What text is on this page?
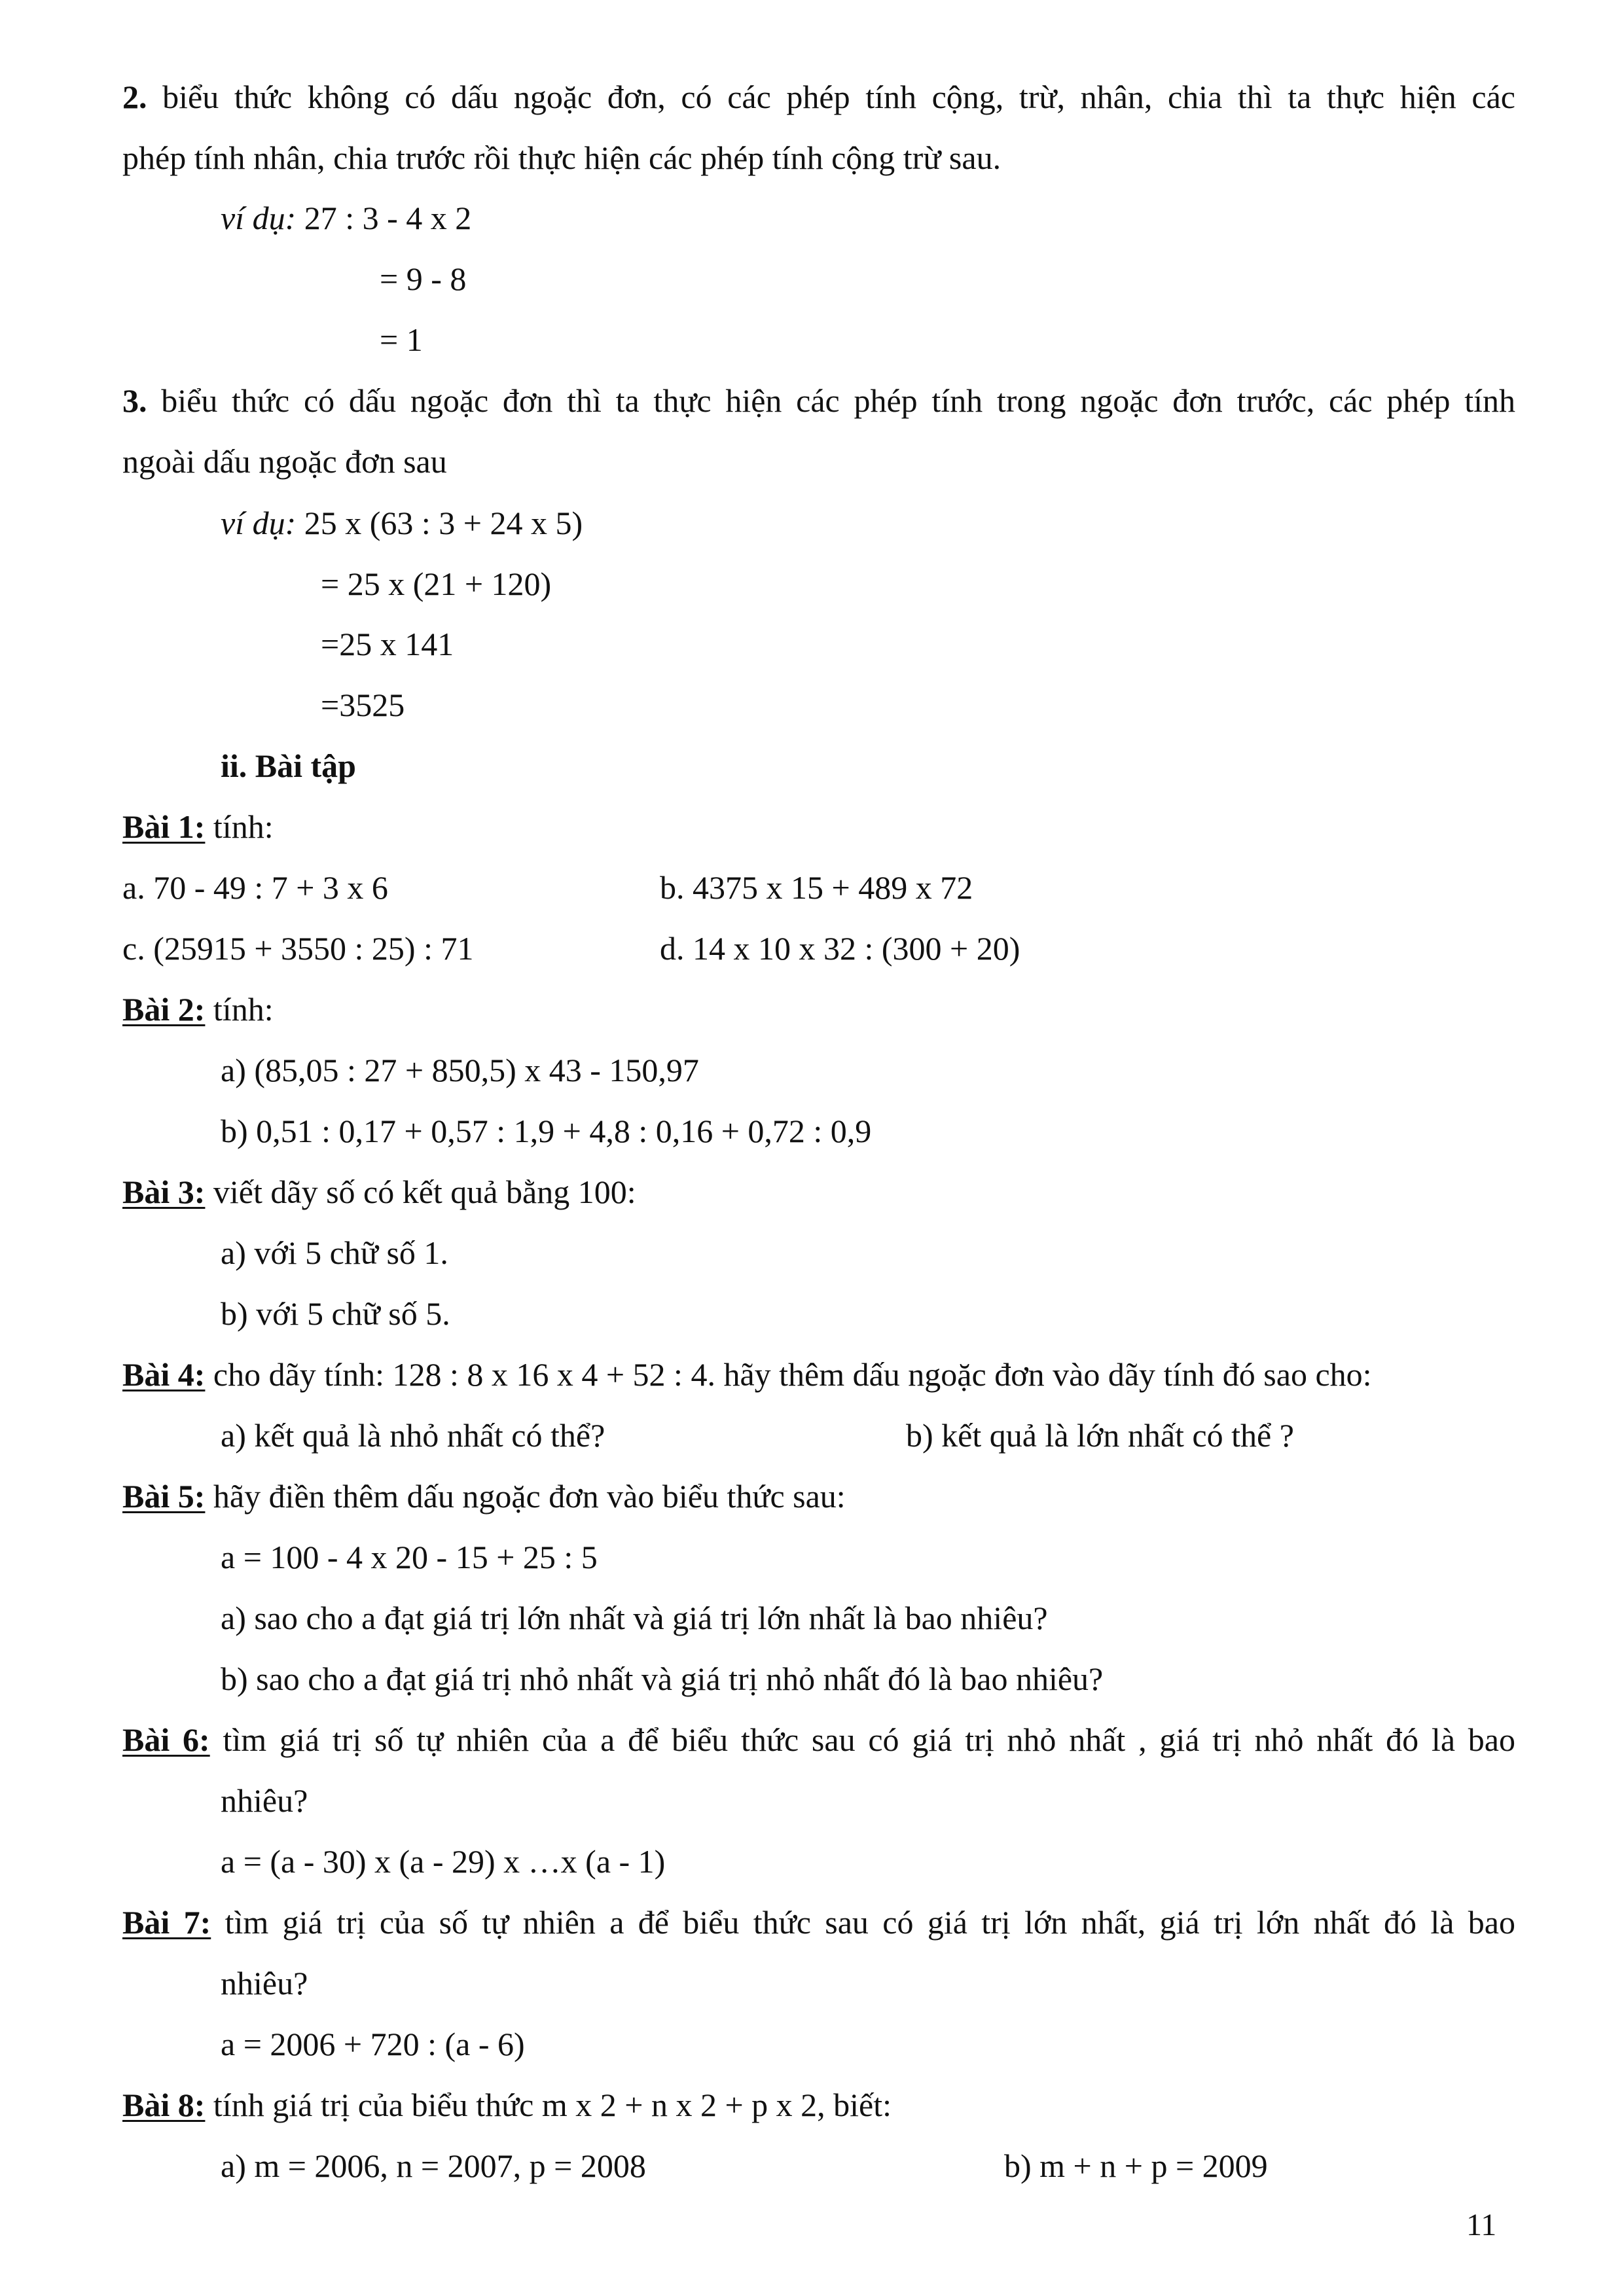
2. biểu thức không có dấu ngoặc đơn, có các phép tính cộng, trừ, nhân, chia thì ta thực hiện các
phép tính nhân, chia trước rồi thực hiện các phép tính cộng trừ sau.
ví dụ: 27 : 3 - 4 x 2
= 9 - 8
= 1
3. biểu thức có dấu ngoặc đơn thì ta thực hiện các phép tính trong ngoặc đơn trước, các phép tính
ngoài dấu ngoặc đơn sau
ví dụ: 25 x (63 : 3 + 24 x 5)
= 25 x (21 + 120)
=25 x 141
=3525
ii. Bài tập
Bài 1: tính:
a. 70 - 49 : 7 + 3 x 6	b. 4375 x 15 + 489 x 72
c. (25915 + 3550 : 25) : 71	d. 14 x 10 x 32 : (300 + 20)
Bài 2: tính:
a) (85,05 : 27 + 850,5) x 43 - 150,97
b) 0,51 : 0,17 + 0,57 : 1,9 + 4,8 : 0,16 + 0,72 : 0,9
Bài 3: viết dãy số có kết quả bằng 100:
a) với 5 chữ số 1.
b) với 5 chữ số 5.
Bài 4: cho dãy tính: 128 : 8 x 16 x 4 + 52 : 4. hãy thêm dấu ngoặc đơn vào dãy tính đó sao cho:
a) kết quả là nhỏ nhất có thể?	b) kết quả là lớn nhất có thể ?
Bài 5: hãy điền thêm dấu ngoặc đơn vào biểu thức sau:
a = 100 - 4 x 20 - 15 + 25 : 5
a) sao cho a đạt giá trị lớn nhất và giá trị lớn nhất là bao nhiêu?
b) sao cho a đạt giá trị nhỏ nhất và giá trị nhỏ nhất đó là bao nhiêu?
Bài 6: tìm giá trị số tự nhiên của a để biểu thức sau có giá trị nhỏ nhất , giá trị nhỏ nhất đó là bao
nhiêu?
a = (a - 30) x (a - 29) x …x (a - 1)
Bài 7: tìm giá trị của số tự nhiên a để biểu thức sau có giá trị lớn nhất, giá trị lớn nhất đó là bao
nhiêu?
a = 2006 + 720 : (a - 6)
Bài 8: tính giá trị của biểu thức m x 2 + n x 2 + p x 2, biết:
a) m = 2006, n = 2007, p = 2008	b) m + n + p = 2009
11
